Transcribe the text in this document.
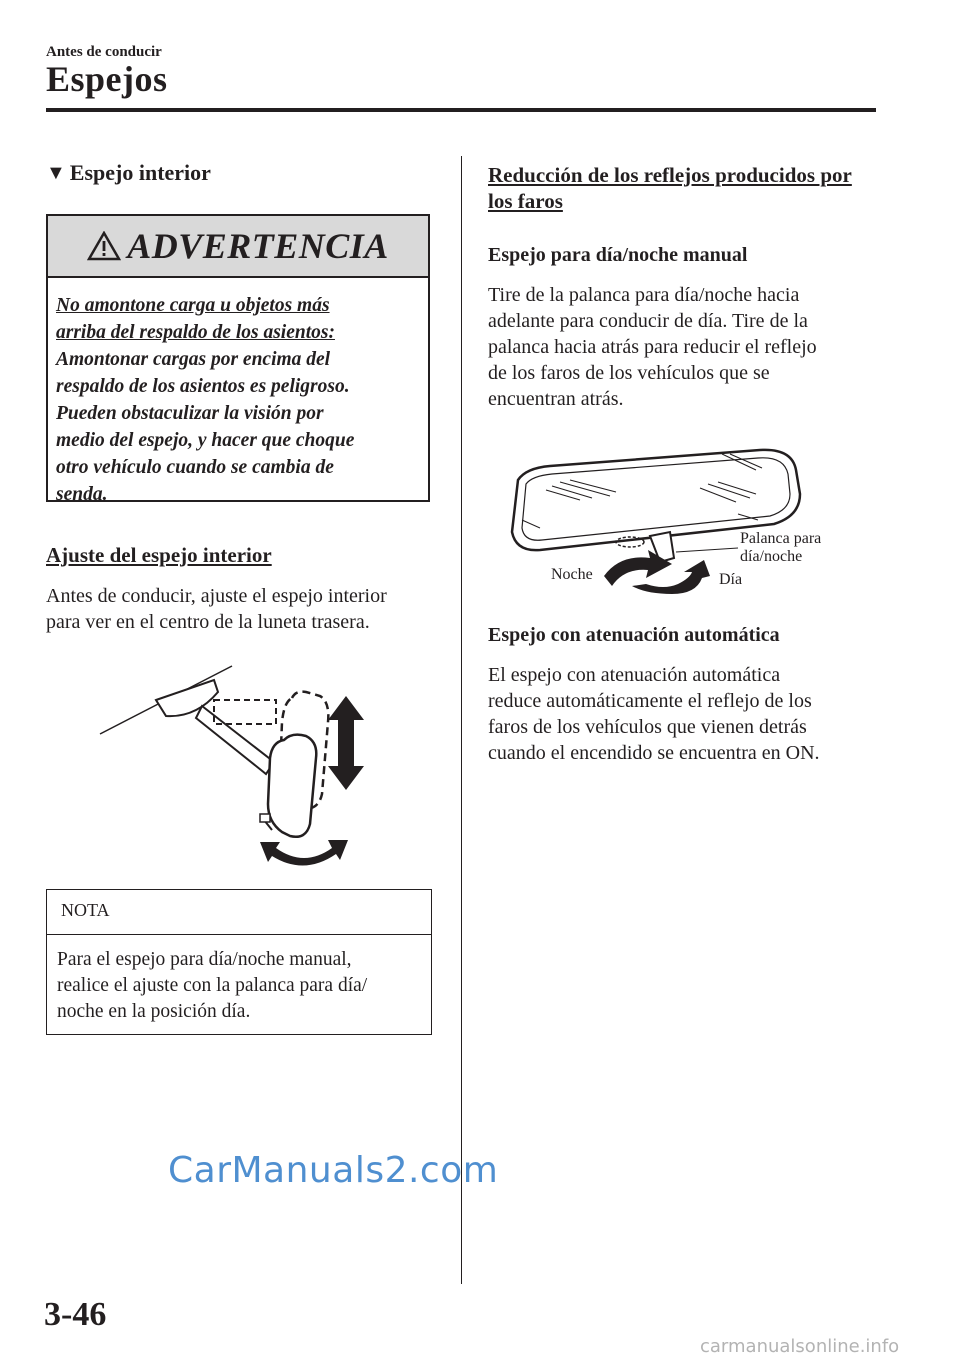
Antes de conducir
Espejos
▼ Espejo interior
ADVERTENCIA
No amontone carga u objetos más
arriba del respaldo de los asientos:
Amontonar cargas por encima del
respaldo de los asientos es peligroso.
Pueden obstaculizar la visión por
medio del espejo, y hacer que choque
otro vehículo cuando se cambia de
senda.
Ajuste del espejo interior
Antes de conducir, ajuste el espejo interior
para ver en el centro de la luneta trasera.
NOTA
Para el espejo para día/noche manual,
realice el ajuste con la palanca para día/
noche en la posición día.
Reducción de los reflejos producidos por
los faros
Espejo para día/noche manual
Tire de la palanca para día/noche hacia
adelante para conducir de día. Tire de la
palanca hacia atrás para reducir el reflejo
de los faros de los vehículos que se
encuentran atrás.
Palanca para
día/noche
Noche	Día
Espejo con atenuación automática
El espejo con atenuación automática
reduce automáticamente el reflejo de los
faros de los vehículos que vienen detrás
cuando el encendido se encuentra en ON.
CarManuals2.com
3-46
carmanualsonline.info
